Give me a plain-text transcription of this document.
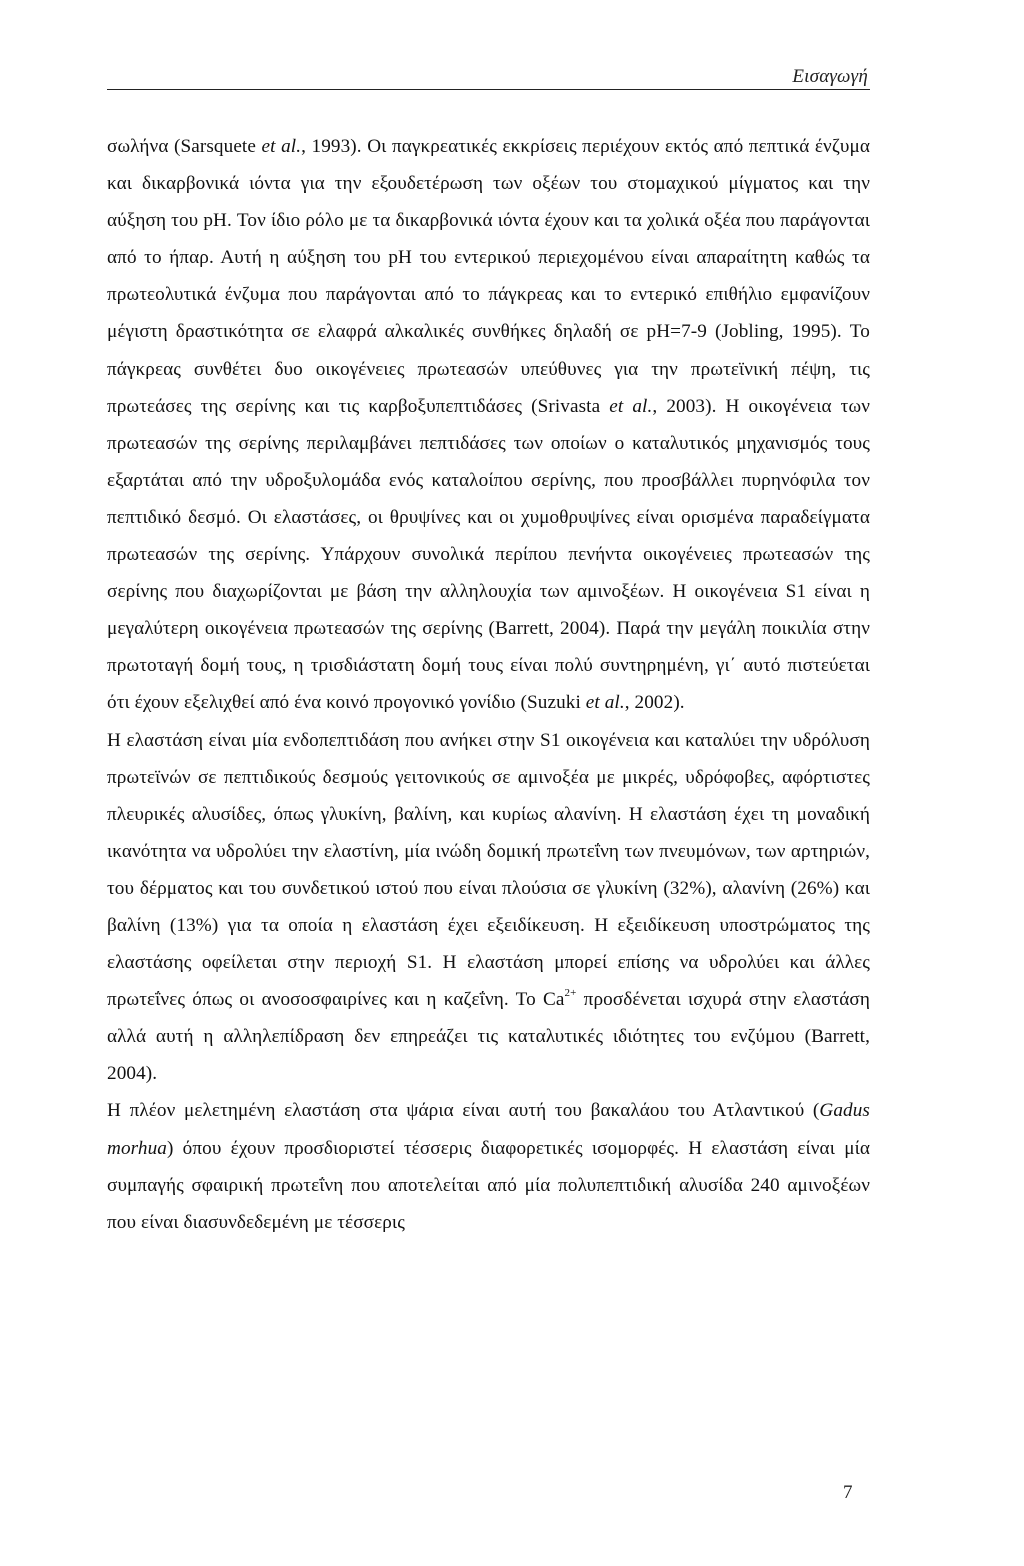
Εισαγωγή

σωλήνα (Sarsquete et al., 1993). Οι παγκρεατικές εκκρίσεις περιέχουν εκτός από πεπτικά ένζυμα και δικαρβονικά ιόντα για την εξουδετέρωση των οξέων του στομαχικού μίγματος και την αύξηση του pH. Τον ίδιο ρόλο με τα δικαρβονικά ιόντα έχουν και τα χολικά οξέα που παράγονται από το ήπαρ. Αυτή η αύξηση του pH του εντερικού περιεχομένου είναι απαραίτητη καθώς τα πρωτεολυτικά ένζυμα που παράγονται από το πάγκρεας και το εντερικό επιθήλιο εμφανίζουν μέγιστη δραστικότητα σε ελαφρά αλκαλικές συνθήκες δηλαδή σε pH=7-9 (Jobling, 1995). Το πάγκρεας συνθέτει δυο οικογένειες πρωτεασών υπεύθυνες για την πρωτεϊνική πέψη, τις πρωτεάσες της σερίνης και τις καρβοξυπεπτιδάσες (Srivasta et al., 2003). Η οικογένεια των πρωτεασών της σερίνης περιλαμβάνει πεπτιδάσες των οποίων ο καταλυτικός μηχανισμός τους εξαρτάται από την υδροξυλομάδα ενός καταλοίπου σερίνης, που προσβάλλει πυρηνόφιλα τον πεπτιδικό δεσμό. Οι ελαστάσες, οι θρυψίνες και οι χυμοθρυψίνες είναι ορισμένα παραδείγματα πρωτεασών της σερίνης. Υπάρχουν συνολικά περίπου πενήντα οικογένειες πρωτεασών της σερίνης που διαχωρίζονται με βάση την αλληλουχία των αμινοξέων. Η οικογένεια S1 είναι η μεγαλύτερη οικογένεια πρωτεασών της σερίνης (Barrett, 2004). Παρά την μεγάλη ποικιλία στην πρωτοταγή δομή τους, η τρισδιάστατη δομή τους είναι πολύ συντηρημένη, γι΄ αυτό πιστεύεται ότι έχουν εξελιχθεί από ένα κοινό προγονικό γονίδιο (Suzuki et al., 2002).

Η ελαστάση είναι μία ενδοπεπτιδάση που ανήκει στην S1 οικογένεια και καταλύει την υδρόλυση πρωτεϊνών σε πεπτιδικούς δεσμούς γειτονικούς σε αμινοξέα με μικρές, υδρόφοβες, αφόρτιστες πλευρικές αλυσίδες, όπως γλυκίνη, βαλίνη, και κυρίως αλανίνη. Η ελαστάση έχει τη μοναδική ικανότητα να υδρολύει την ελαστίνη, μία ινώδη δομική πρωτεΐνη των πνευμόνων, των αρτηριών, του δέρματος και του συνδετικού ιστού που είναι πλούσια σε γλυκίνη (32%), αλανίνη (26%) και βαλίνη (13%) για τα οποία η ελαστάση έχει εξειδίκευση. Η εξειδίκευση υποστρώματος της ελαστάσης οφείλεται στην περιοχή S1. Η ελαστάση μπορεί επίσης να υδρολύει και άλλες πρωτεΐνες όπως οι ανοσοσφαιρίνες και η καζεΐνη. Το $Ca^{2+}$ προσδένεται ισχυρά στην ελαστάση αλλά αυτή η αλληλεπίδραση δεν επηρεάζει τις καταλυτικές ιδιότητες του ενζύμου (Barrett, 2004).

Η πλέον μελετημένη ελαστάση στα ψάρια είναι αυτή του βακαλάου του Ατλαντικού (Gadus morhua) όπου έχουν προσδιοριστεί τέσσερις διαφορετικές ισομορφές. Η ελαστάση είναι μία συμπαγής σφαιρική πρωτεΐνη που αποτελείται από μία πολυπεπτιδική αλυσίδα 240 αμινοξέων που είναι διασυνδεδεμένη με τέσσερις

7
